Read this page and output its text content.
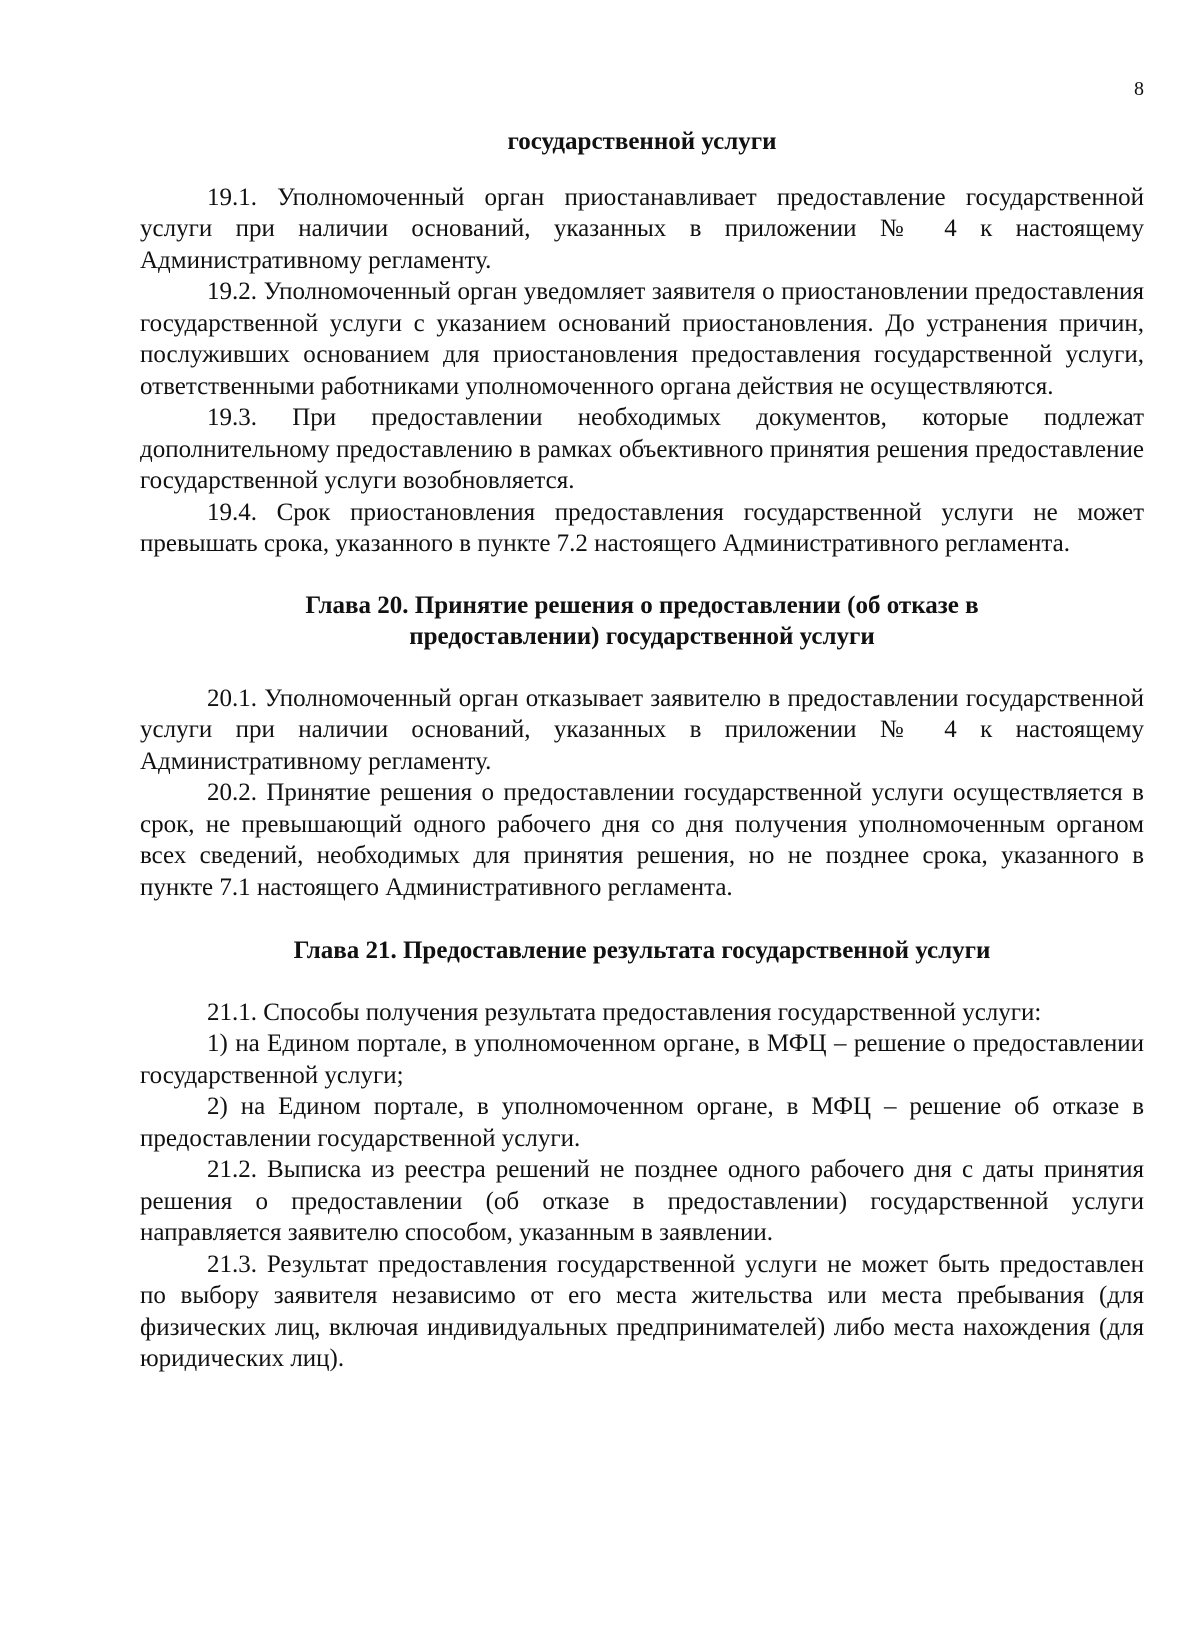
8
государственной услуги

19.1. Уполномоченный орган приостанавливает предоставление государственной услуги при наличии оснований, указанных в приложении № 4 к настоящему Административному регламенту.

19.2. Уполномоченный орган уведомляет заявителя о приостановлении предоставления государственной услуги с указанием оснований приостановления. До устранения причин, послуживших основанием для приостановления предоставления государственной услуги, ответственными работниками уполномоченного органа действия не осуществляются.

19.3. При предоставлении необходимых документов, которые подлежат дополнительному предоставлению в рамках объективного принятия решения предоставление государственной услуги возобновляется.

19.4. Срок приостановления предоставления государственной услуги не может превышать срока, указанного в пункте 7.2 настоящего Административного регламента.

Глава 20. Принятие решения о предоставлении (об отказе в
предоставлении) государственной услуги

20.1. Уполномоченный орган отказывает заявителю в предоставлении государственной услуги при наличии оснований, указанных в приложении № 4 к настоящему Административному регламенту.

20.2. Принятие решения о предоставлении государственной услуги осуществляется в срок, не превышающий одного рабочего дня со дня получения уполномоченным органом всех сведений, необходимых для принятия решения, но не позднее срока, указанного в пункте 7.1 настоящего Административного регламента.

Глава 21. Предоставление результата государственной услуги

21.1. Способы получения результата предоставления государственной услуги:

1) на Едином портале, в уполномоченном органе, в МФЦ – решение о предоставлении государственной услуги;

2) на Едином портале, в уполномоченном органе, в МФЦ – решение об отказе в предоставлении государственной услуги.

21.2. Выписка из реестра решений не позднее одного рабочего дня с даты принятия решения о предоставлении (об отказе в предоставлении) государственной услуги направляется заявителю способом, указанным в заявлении.

21.3. Результат предоставления государственной услуги не может быть предоставлен по выбору заявителя независимо от его места жительства или места пребывания (для физических лиц, включая индивидуальных предпринимателей) либо места нахождения (для юридических лиц).
